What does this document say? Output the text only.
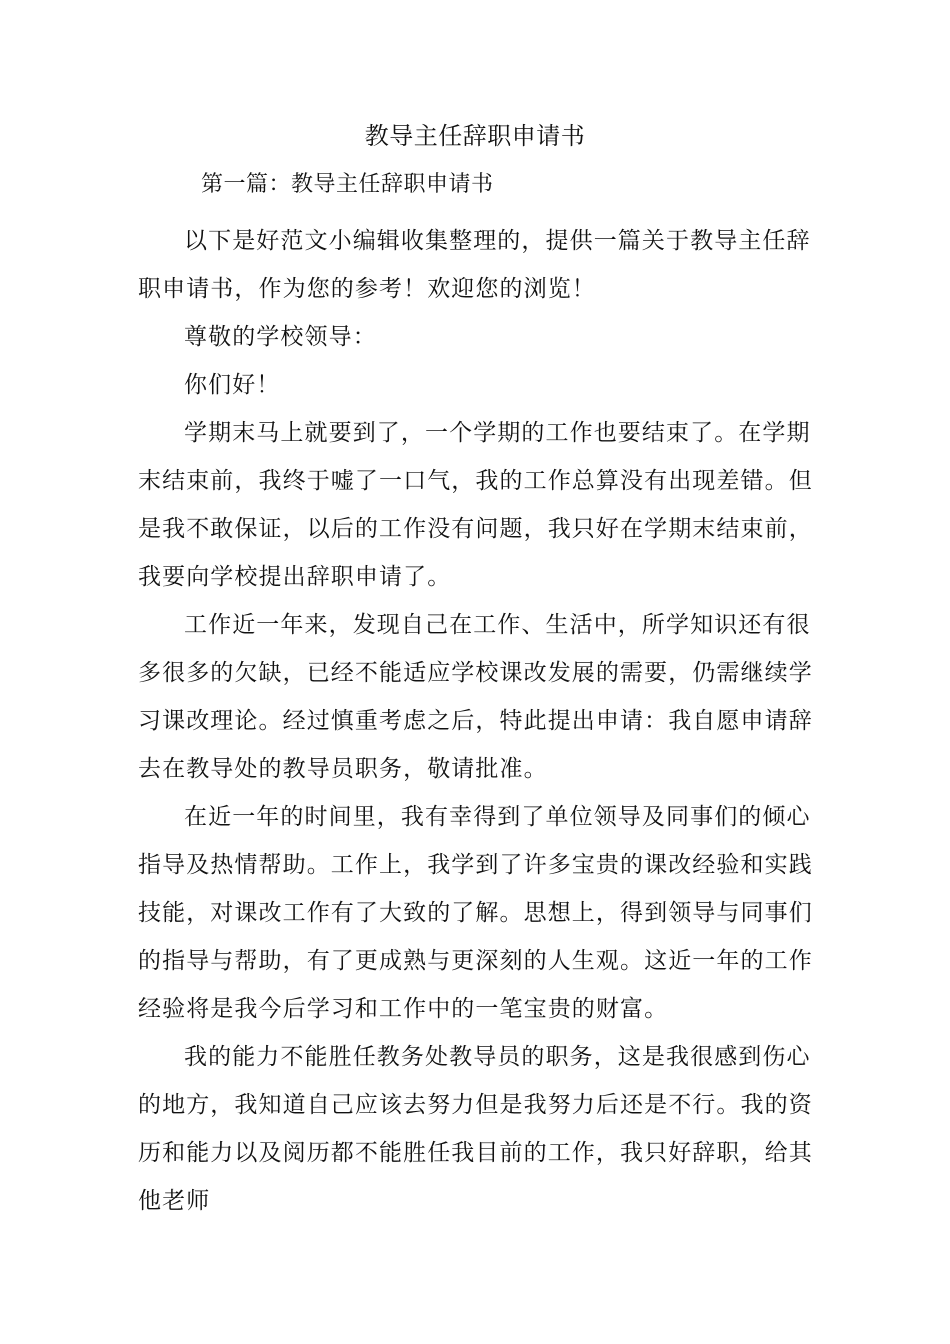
教导主任辞职申请书
第一篇：教导主任辞职申请书

以下是好范文小编辑收集整理的，提供一篇关于教导主任辞职申请书，作为您的参考！欢迎您的浏览！

尊敬的学校领导：

你们好！

学期末马上就要到了，一个学期的工作也要结束了。在学期末结束前，我终于嘘了一口气，我的工作总算没有出现差错。但是我不敢保证，以后的工作没有问题，我只好在学期末结束前，我要向学校提出辞职申请了。

工作近一年来，发现自己在工作、生活中，所学知识还有很多很多的欠缺，已经不能适应学校课改发展的需要，仍需继续学习课改理论。经过慎重考虑之后，特此提出申请：我自愿申请辞去在教导处的教导员职务，敬请批准。

在近一年的时间里，我有幸得到了单位领导及同事们的倾心指导及热情帮助。工作上，我学到了许多宝贵的课改经验和实践技能，对课改工作有了大致的了解。思想上，得到领导与同事们的指导与帮助，有了更成熟与更深刻的人生观。这近一年的工作经验将是我今后学习和工作中的一笔宝贵的财富。

我的能力不能胜任教务处教导员的职务，这是我很感到伤心的地方，我知道自己应该去努力但是我努力后还是不行。我的资历和能力以及阅历都不能胜任我目前的工作，我只好辞职，给其他老师
